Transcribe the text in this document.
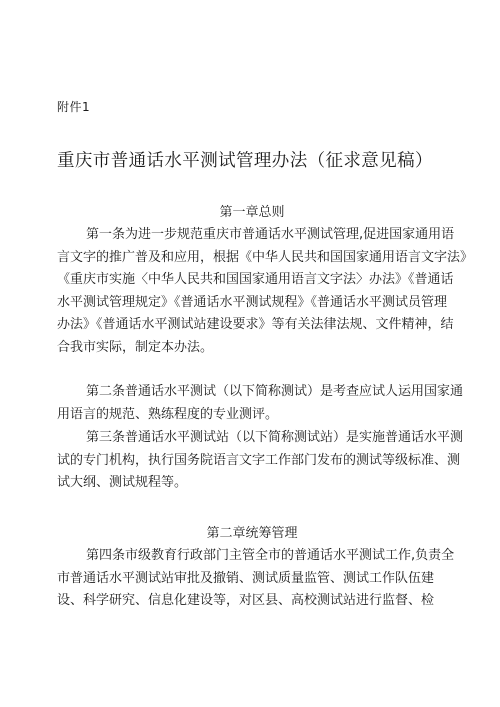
附件1
重庆市普通话水平测试管理办法（征求意见稿）
第一章总则
第一条为进一步规范重庆市普通话水平测试管理,促进国家通用语
言文字的推广普及和应用，根据《中华人民共和国国家通用语言文字法》
《重庆市实施〈中华人民共和国国家通用语言文字法〉办法》《普通话
水平测试管理规定》《普通话水平测试规程》《普通话水平测试员管理
办法》《普通话水平测试站建设要求》等有关法律法规、文件精神，结
合我市实际，制定本办法。
第二条普通话水平测试（以下简称测试）是考查应试人运用国家通
用语言的规范、熟练程度的专业测评。
第三条普通话水平测试站（以下简称测试站）是实施普通话水平测
试的专门机构，执行国务院语言文字工作部门发布的测试等级标准、测
试大纲、测试规程等。
第二章统筹管理
第四条市级教育行政部门主管全市的普通话水平测试工作,负责全
市普通话水平测试站审批及撤销、测试质量监管、测试工作队伍建
设、科学研究、信息化建设等，对区县、高校测试站进行监督、检
